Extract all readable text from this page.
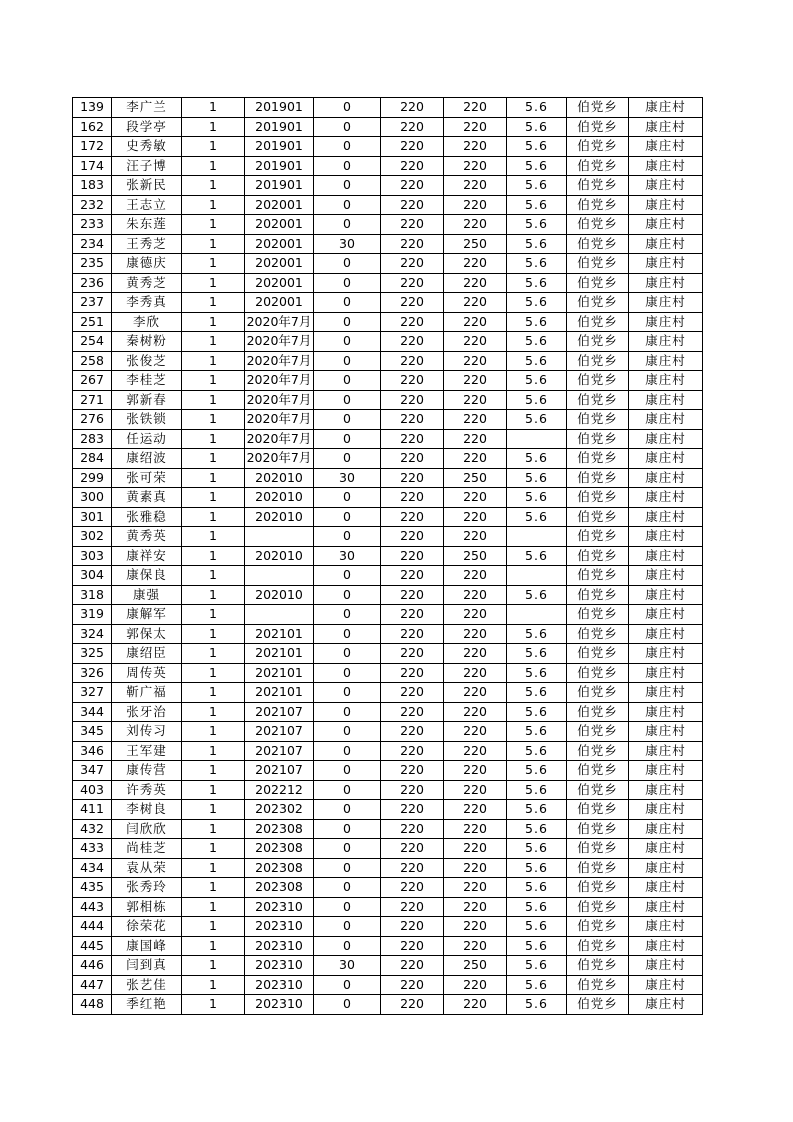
139	李广兰	1	201901	0	220	220	5.6	伯党乡	康庄村
162	段学亭	1	201901	0	220	220	5.6	伯党乡	康庄村
172	史秀敏	1	201901	0	220	220	5.6	伯党乡	康庄村
174	汪子博	1	201901	0	220	220	5.6	伯党乡	康庄村
183	张新民	1	201901	0	220	220	5.6	伯党乡	康庄村
232	王志立	1	202001	0	220	220	5.6	伯党乡	康庄村
233	朱东莲	1	202001	0	220	220	5.6	伯党乡	康庄村
234	王秀芝	1	202001	30	220	250	5.6	伯党乡	康庄村
235	康德庆	1	202001	0	220	220	5.6	伯党乡	康庄村
236	黄秀芝	1	202001	0	220	220	5.6	伯党乡	康庄村
237	李秀真	1	202001	0	220	220	5.6	伯党乡	康庄村
251	李欣	1	2020年7月	0	220	220	5.6	伯党乡	康庄村
254	秦树粉	1	2020年7月	0	220	220	5.6	伯党乡	康庄村
258	张俊芝	1	2020年7月	0	220	220	5.6	伯党乡	康庄村
267	李桂芝	1	2020年7月	0	220	220	5.6	伯党乡	康庄村
271	郭新春	1	2020年7月	0	220	220	5.6	伯党乡	康庄村
276	张铁锁	1	2020年7月	0	220	220	5.6	伯党乡	康庄村
283	任运动	1	2020年7月	0	220	220		伯党乡	康庄村
284	康绍波	1	2020年7月	0	220	220	5.6	伯党乡	康庄村
299	张可荣	1	202010	30	220	250	5.6	伯党乡	康庄村
300	黄素真	1	202010	0	220	220	5.6	伯党乡	康庄村
301	张雅稳	1	202010	0	220	220	5.6	伯党乡	康庄村
302	黄秀英	1		0	220	220		伯党乡	康庄村
303	康祥安	1	202010	30	220	250	5.6	伯党乡	康庄村
304	康保良	1		0	220	220		伯党乡	康庄村
318	康强	1	202010	0	220	220	5.6	伯党乡	康庄村
319	康解军	1		0	220	220		伯党乡	康庄村
324	郭保太	1	202101	0	220	220	5.6	伯党乡	康庄村
325	康绍臣	1	202101	0	220	220	5.6	伯党乡	康庄村
326	周传英	1	202101	0	220	220	5.6	伯党乡	康庄村
327	靳广福	1	202101	0	220	220	5.6	伯党乡	康庄村
344	张牙治	1	202107	0	220	220	5.6	伯党乡	康庄村
345	刘传习	1	202107	0	220	220	5.6	伯党乡	康庄村
346	王军建	1	202107	0	220	220	5.6	伯党乡	康庄村
347	康传营	1	202107	0	220	220	5.6	伯党乡	康庄村
403	许秀英	1	202212	0	220	220	5.6	伯党乡	康庄村
411	李树良	1	202302	0	220	220	5.6	伯党乡	康庄村
432	闫欣欣	1	202308	0	220	220	5.6	伯党乡	康庄村
433	尚桂芝	1	202308	0	220	220	5.6	伯党乡	康庄村
434	袁从荣	1	202308	0	220	220	5.6	伯党乡	康庄村
435	张秀玲	1	202308	0	220	220	5.6	伯党乡	康庄村
443	郭相栋	1	202310	0	220	220	5.6	伯党乡	康庄村
444	徐荣花	1	202310	0	220	220	5.6	伯党乡	康庄村
445	康国峰	1	202310	0	220	220	5.6	伯党乡	康庄村
446	闫到真	1	202310	30	220	250	5.6	伯党乡	康庄村
447	张艺佳	1	202310	0	220	220	5.6	伯党乡	康庄村
448	季红艳	1	202310	0	220	220	5.6	伯党乡	康庄村
